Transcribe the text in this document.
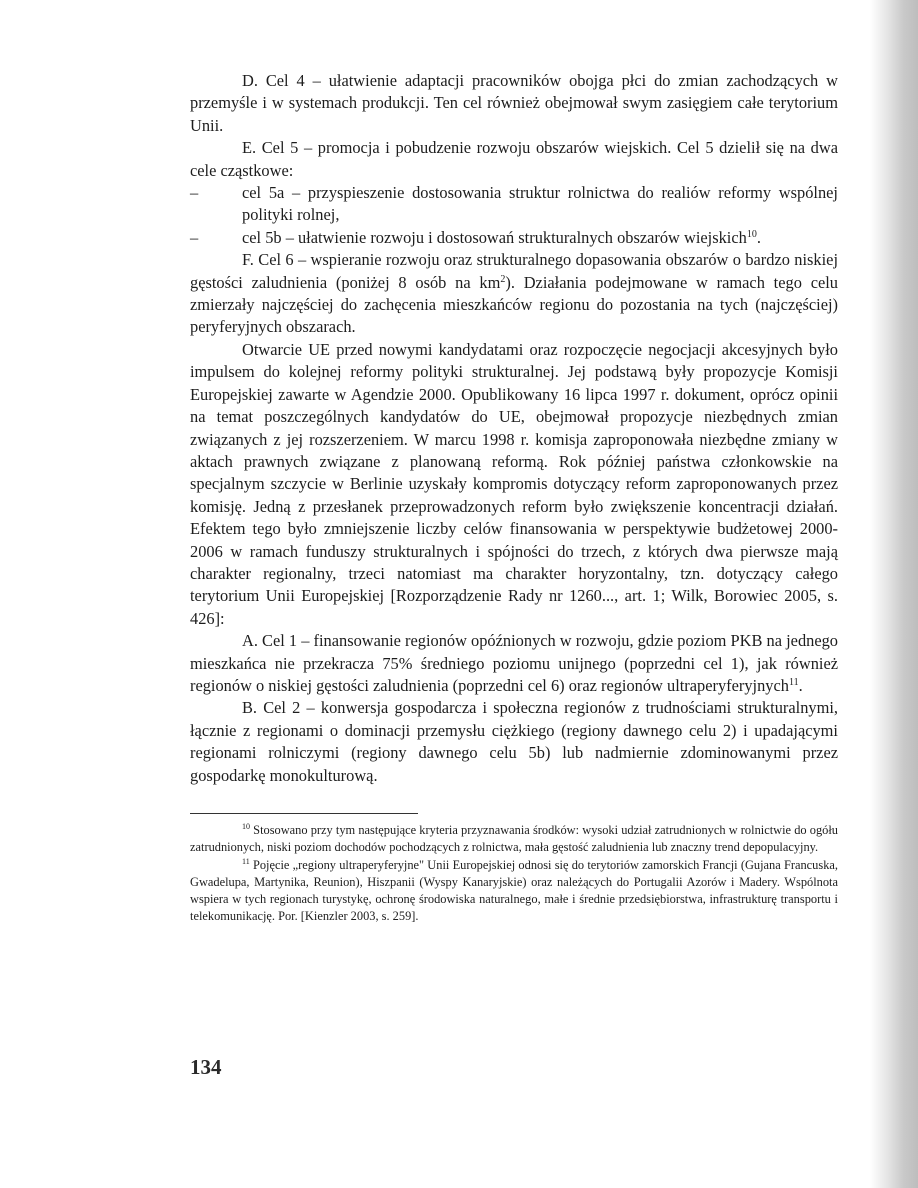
D. Cel 4 – ułatwienie adaptacji pracowników obojga płci do zmian zachodzących w przemyśle i w systemach produkcji. Ten cel również obejmował swym zasięgiem całe terytorium Unii.

E. Cel 5 – promocja i pobudzenie rozwoju obszarów wiejskich. Cel 5 dzielił się na dwa cele cząstkowe:

–	cel 5a – przyspieszenie dostosowania struktur rolnictwa do realiów reformy wspólnej polityki rolnej,
–	cel 5b – ułatwienie rozwoju i dostosowań strukturalnych obszarów wiejskich$^{10}$.

F. Cel 6 – wspieranie rozwoju oraz strukturalnego dopasowania obszarów o bardzo niskiej gęstości zaludnienia (poniżej 8 osób na $km^2$). Działania podejmowane w ramach tego celu zmierzały najczęściej do zachęcenia mieszkańców regionu do pozostania na tych (najczęściej) peryferyjnych obszarach.

Otwarcie UE przed nowymi kandydatami oraz rozpoczęcie negocjacji akcesyjnych było impulsem do kolejnej reformy polityki strukturalnej. Jej podstawą były propozycje Komisji Europejskiej zawarte w Agendzie 2000. Opublikowany 16 lipca 1997 r. dokument, oprócz opinii na temat poszczególnych kandydatów do UE, obejmował propozycje niezbędnych zmian związanych z jej rozszerzeniem. W marcu 1998 r. komisja zaproponowała niezbędne zmiany w aktach prawnych związane z planowaną reformą. Rok później państwa członkowskie na specjalnym szczycie w Berlinie uzyskały kompromis dotyczący reform zaproponowanych przez komisję. Jedną z przesłanek przeprowadzonych reform było zwiększenie koncentracji działań. Efektem tego było zmniejszenie liczby celów finansowania w perspektywie budżetowej 2000-2006 w ramach funduszy strukturalnych i spójności do trzech, z których dwa pierwsze mają charakter regionalny, trzeci natomiast ma charakter horyzontalny, tzn. dotyczący całego terytorium Unii Europejskiej [Rozporządzenie Rady nr 1260..., art. 1; Wilk, Borowiec 2005, s. 426]:

A. Cel 1 – finansowanie regionów opóźnionych w rozwoju, gdzie poziom PKB na jednego mieszkańca nie przekracza 75% średniego poziomu unijnego (poprzedni cel 1), jak również regionów o niskiej gęstości zaludnienia (poprzedni cel 6) oraz regionów ultraperyferyjnych$^{11}$.

B. Cel 2 – konwersja gospodarcza i społeczna regionów z trudnościami strukturalnymi, łącznie z regionami o dominacji przemysłu ciężkiego (regiony dawnego celu 2) i upadającymi regionami rolniczymi (regiony dawnego celu 5b) lub nadmiernie zdominowanymi przez gospodarkę monokulturową.

$^{10}$ Stosowano przy tym następujące kryteria przyznawania środków: wysoki udział zatrudnionych w rolnictwie do ogółu zatrudnionych, niski poziom dochodów pochodzących z rolnictwa, mała gęstość zaludnienia lub znaczny trend depopulacyjny.

$^{11}$ Pojęcie „regiony ultraperyferyjne" Unii Europejskiej odnosi się do terytoriów zamorskich Francji (Gujana Francuska, Gwadelupa, Martynika, Reunion), Hiszpanii (Wyspy Kanaryjskie) oraz należących do Portugalii Azorów i Madery. Wspólnota wspiera w tych regionach turystykę, ochronę środowiska naturalnego, małe i średnie przedsiębiorstwa, infrastrukturę transportu i telekomunikację. Por. [Kienzler 2003, s. 259].

134
